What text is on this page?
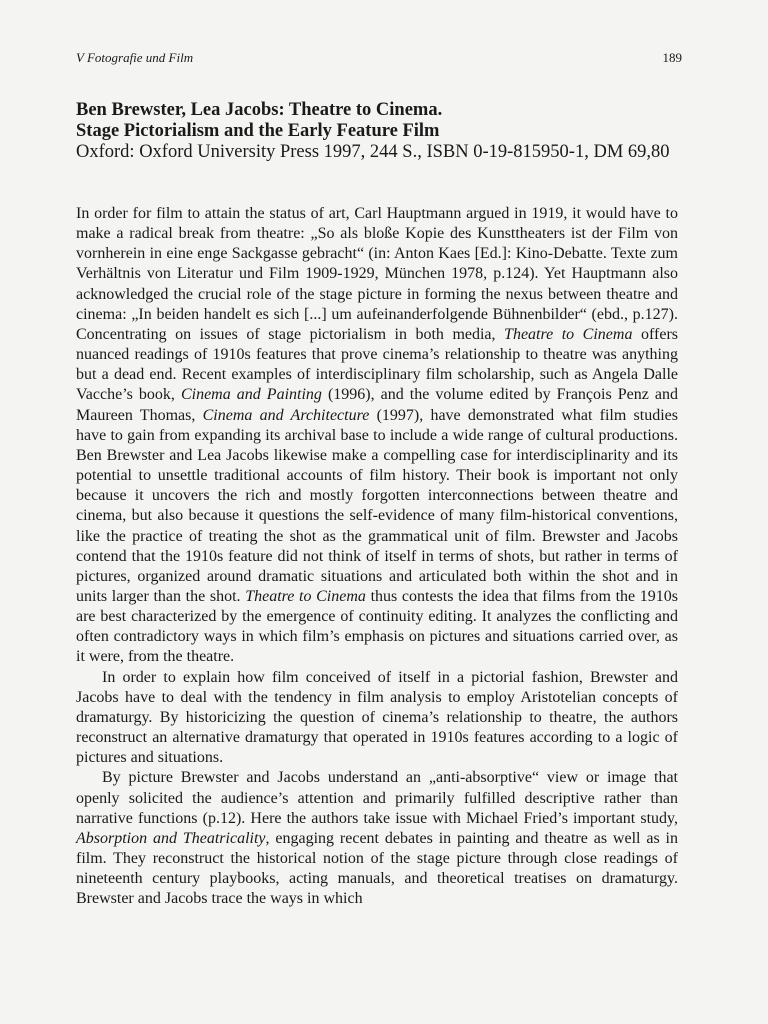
V Fotografie und Film	189
Ben Brewster, Lea Jacobs: Theatre to Cinema.
Stage Pictorialism and the Early Feature Film
Oxford: Oxford University Press 1997, 244 S., ISBN 0-19-815950-1, DM 69,80

In order for film to attain the status of art, Carl Hauptmann argued in 1919, it would have to make a radical break from theatre: „So als bloße Kopie des Kunsttheaters ist der Film von vornherein in eine enge Sackgasse gebracht“ (in: Anton Kaes [Ed.]: Kino-Debatte. Texte zum Verhältnis von Literatur und Film 1909-1929, München 1978, p.124). Yet Hauptmann also acknowledged the crucial role of the stage picture in forming the nexus between theatre and cinema: „In beiden handelt es sich [...] um aufeinanderfolgende Bühnenbilder“ (ebd., p.127). Concentrating on issues of stage pictorialism in both media, Theatre to Cinema offers nuanced readings of 1910s features that prove cinema’s relationship to theatre was anything but a dead end. Recent examples of interdisciplinary film scholarship, such as Angela Dalle Vacche’s book, Cinema and Painting (1996), and the volume edited by François Penz and Maureen Thomas, Cinema and Architecture (1997), have demonstrated what film studies have to gain from expanding its archival base to include a wide range of cultural productions. Ben Brewster and Lea Jacobs likewise make a compelling case for interdisciplinarity and its potential to unsettle traditional accounts of film history. Their book is important not only because it uncovers the rich and mostly forgotten interconnections between theatre and cinema, but also because it questions the self-evidence of many film-historical conventions, like the practice of treating the shot as the grammatical unit of film. Brewster and Jacobs contend that the 1910s feature did not think of itself in terms of shots, but rather in terms of pictures, organized around dramatic situations and articulated both within the shot and in units larger than the shot. Theatre to Cinema thus contests the idea that films from the 1910s are best characterized by the emergence of continuity editing. It analyzes the conflicting and often contradictory ways in which film’s emphasis on pictures and situations carried over, as it were, from the theatre.

In order to explain how film conceived of itself in a pictorial fashion, Brewster and Jacobs have to deal with the tendency in film analysis to employ Aristotelian concepts of dramaturgy. By historicizing the question of cinema’s relationship to theatre, the authors reconstruct an alternative dramaturgy that operated in 1910s features according to a logic of pictures and situations.

By picture Brewster and Jacobs understand an „anti-absorptive“ view or image that openly solicited the audience’s attention and primarily fulfilled descriptive rather than narrative functions (p.12). Here the authors take issue with Michael Fried’s important study, Absorption and Theatricality, engaging recent debates in painting and theatre as well as in film. They reconstruct the historical notion of the stage picture through close readings of nineteenth century playbooks, acting manuals, and theoretical treatises on dramaturgy. Brewster and Jacobs trace the ways in which
